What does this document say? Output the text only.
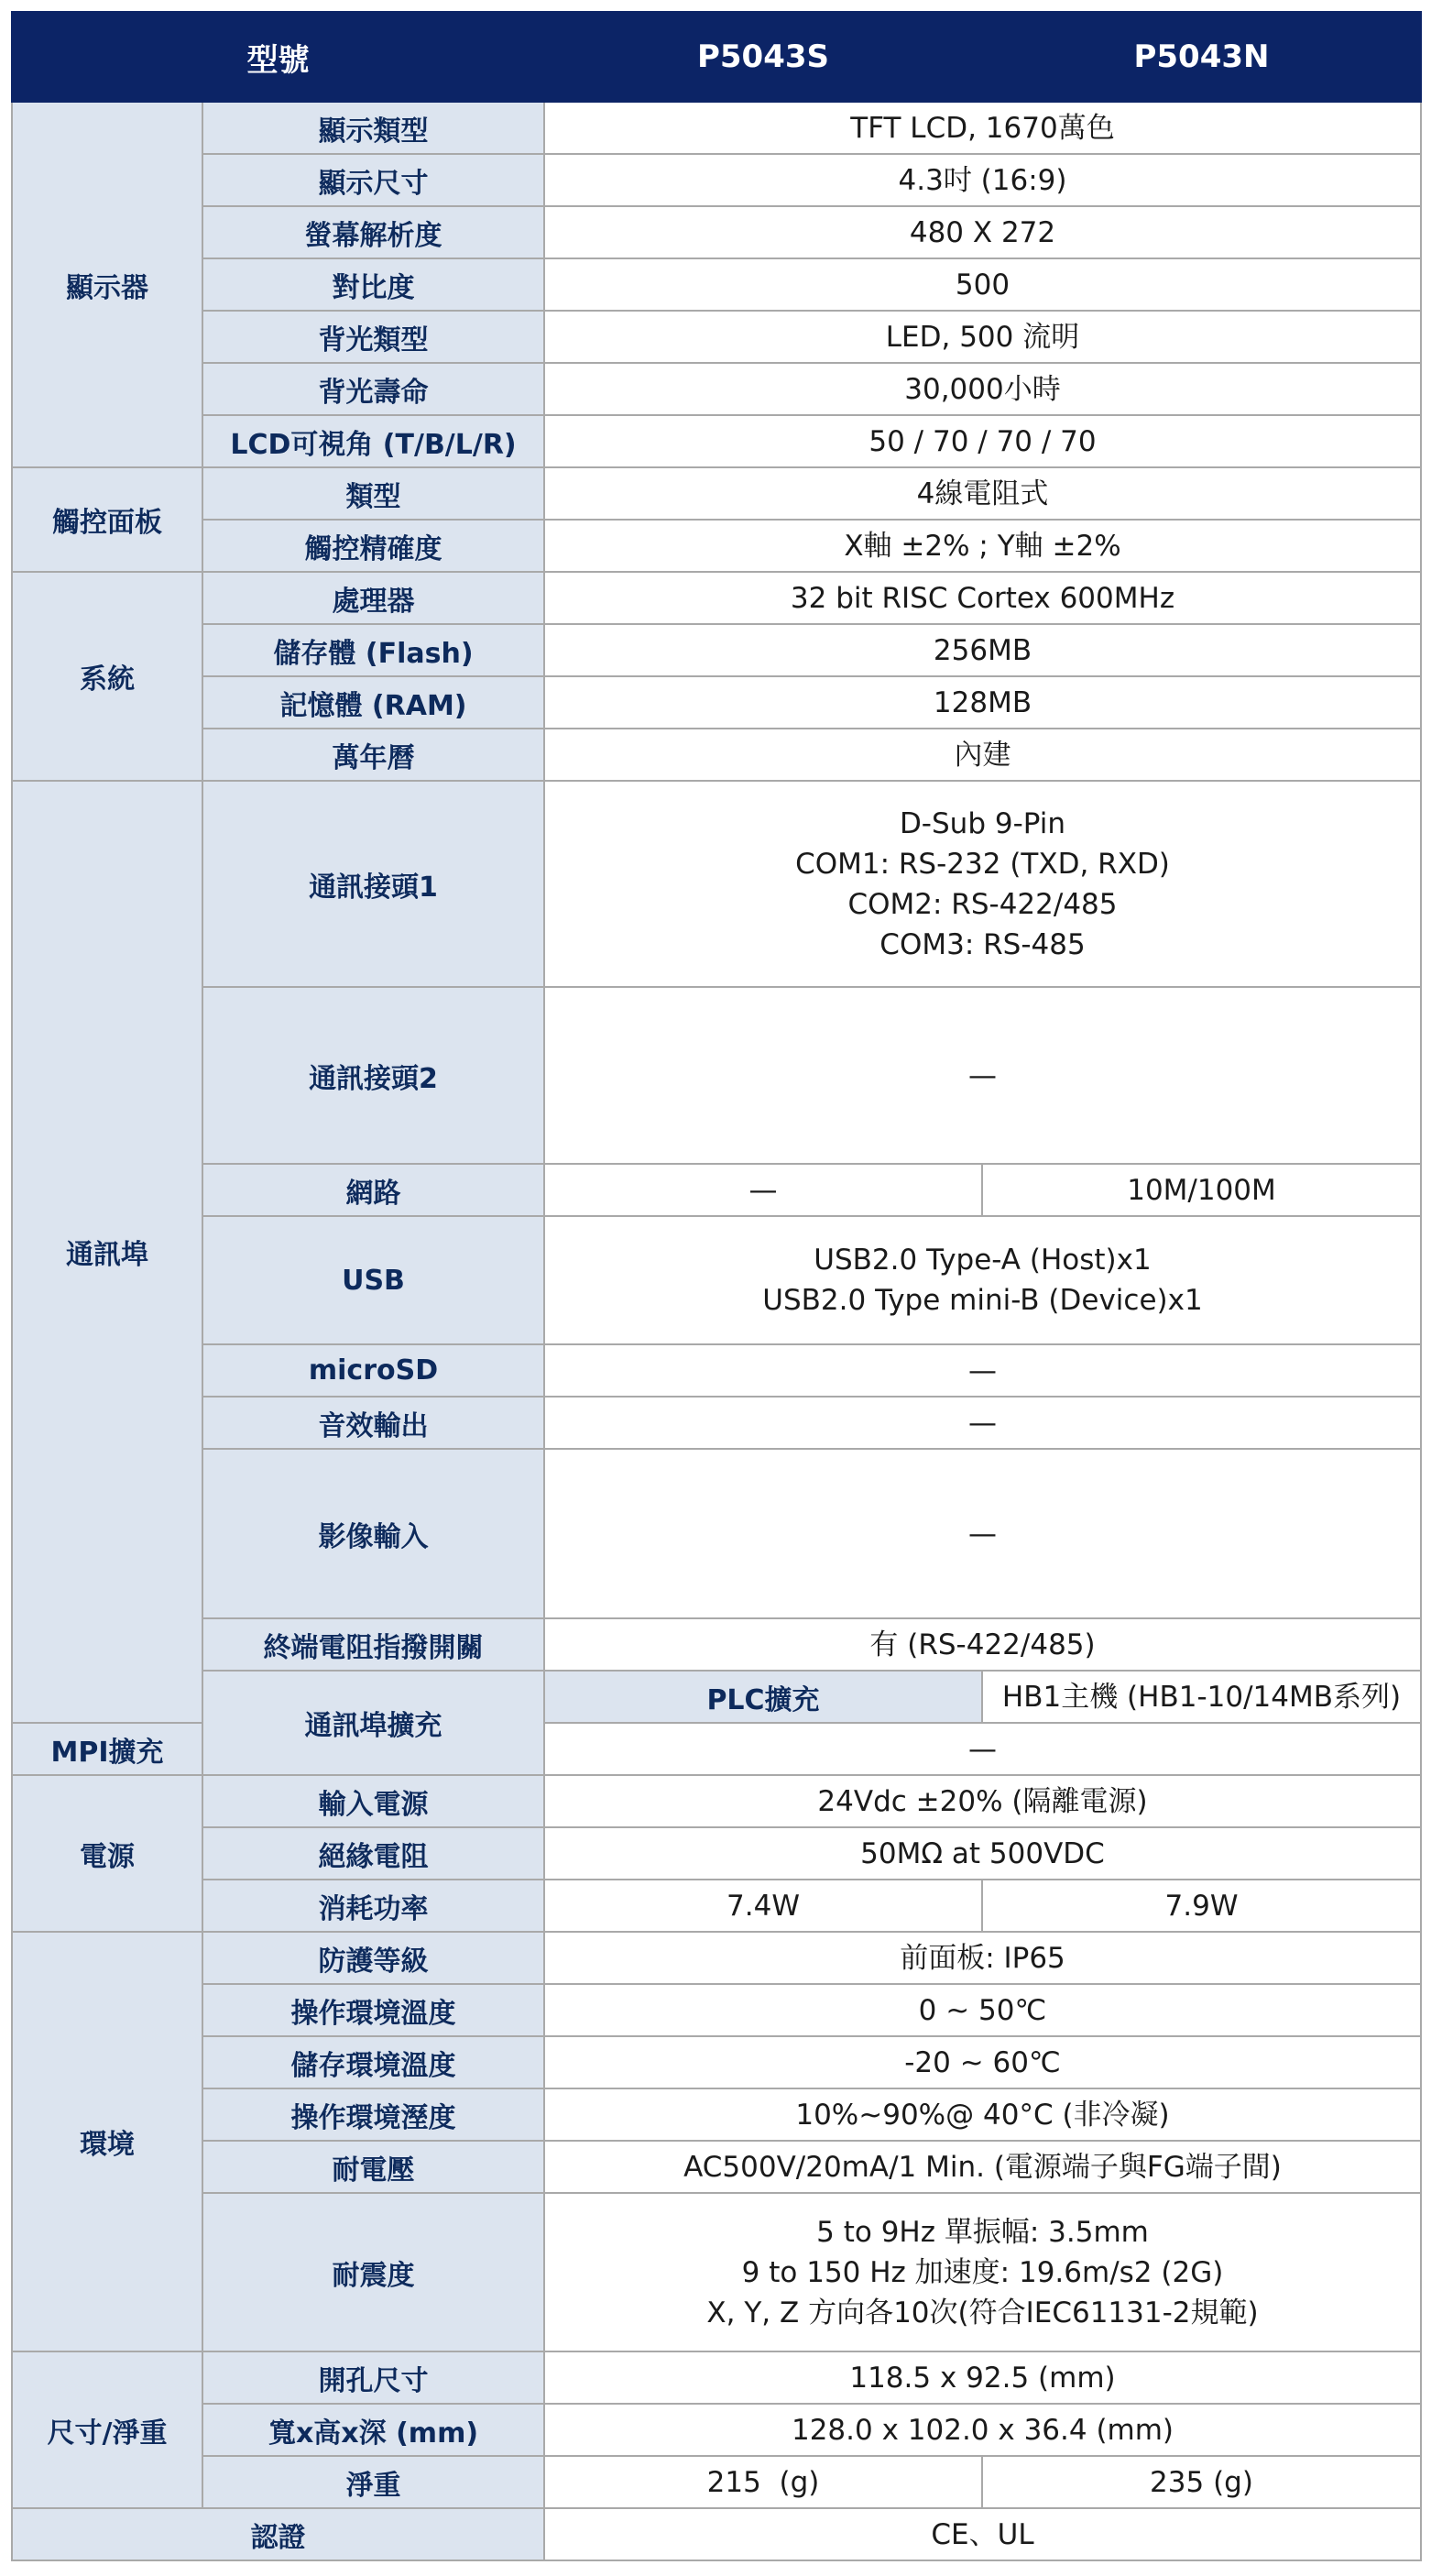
型號		P5043S	P5043N
顯示器	顯示類型	TFT LCD, 1670萬色	
	顯示尺寸	4.3吋 (16:9)	
	螢幕解析度	480 X 272	
	對比度	500	
	背光類型	LED, 500 流明	
	背光壽命	30,000小時	
	LCD可視角 (T/B/L/R)	50 / 70 / 70 / 70	
觸控面板	類型	4線電阻式	
	觸控精確度	X軸 ±2% ; Y軸 ±2%	
系統	處理器	32 bit RISC Cortex 600MHz	
	儲存體 (Flash)	256MB	
	記憶體 (RAM)	128MB	
	萬年曆	內建	
通訊埠	通訊接頭1	D-Sub 9-Pin
COM1: RS-232 (TXD, RXD)
COM2: RS-422/485
COM3: RS-485	

	通訊接頭2	—	
	網路	—	10M/100M
	USB	USB2.0 Type-A (Host)x1
USB2.0 Type mini-B (Device)x1	

	microSD	—	
	音效輸出	—	
	影像輸入	—	
	終端電阻指撥開關	有 (RS-422/485)	
	通訊埠擴充	PLC擴充	HB1主機 (HB1-10/14MB系列)
MPI擴充		—	
電源	輸入電源	24Vdc ±20% (隔離電源)	
	絕緣電阻	50MΩ at 500VDC	
	消耗功率	7.4W	7.9W
環境	防護等級	前面板: IP65	
	操作環境溫度	0 ~ 50℃	
	儲存環境溫度	-20 ~ 60℃	
	操作環境溼度	10%~90%@ 40°C (非冷凝)	
	耐電壓	AC500V/20mA/1 Min. (電源端子與FG端子間)	
	耐震度	5 to 9Hz 單振幅: 3.5mm
9 to 150 Hz 加速度: 19.6m/s2 (2G)
X, Y, Z 方向各10次(符合IEC61131-2規範)	

尺寸/淨重	開孔尺寸	118.5 x 92.5 (mm)	
	寬x高x深 (mm)	128.0 x 102.0 x 36.4 (mm)	
	淨重	215  (g)	235 (g)
認證		CE、UL	
